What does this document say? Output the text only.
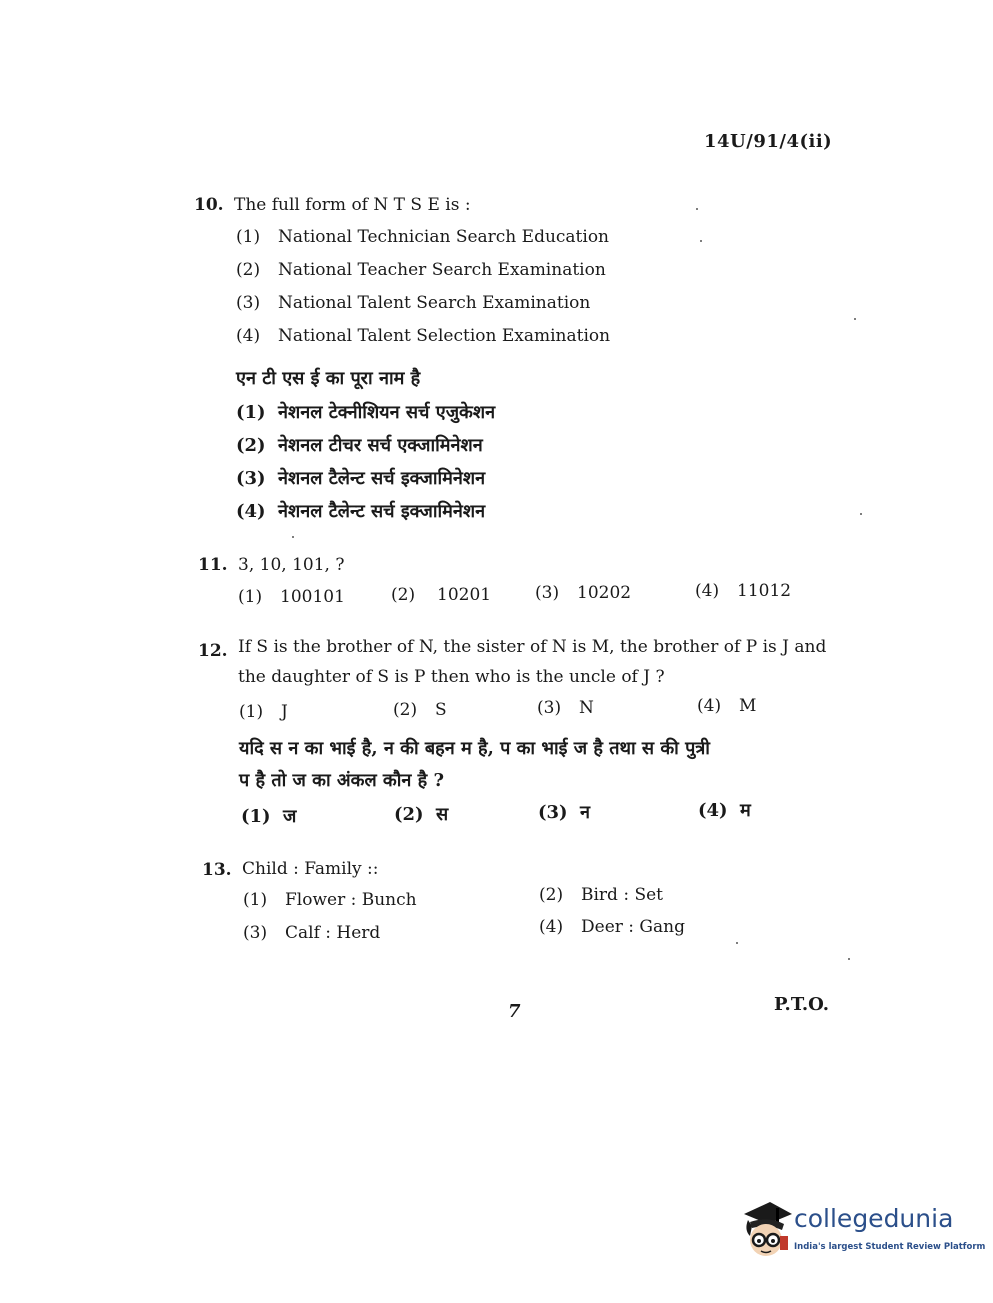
14U/91/4(ii)
10. The full form of N T S E is :
(1) National Technician Search Education
(2) National Teacher Search Examination
(3) National Talent Search Examination
(4) National Talent Selection Examination
एन टी एस ई का पूरा नाम है
(1) नेशनल टेक्नीशियन सर्च एजुकेशन
(2) नेशनल टीचर सर्च एक्जामिनेशन
(3) नेशनल टैलेन्ट सर्च इक्जामिनेशन
(4) नेशनल टैलेन्ट सर्च इक्जामिनेशन
11. 3, 10, 101, ?
(1) 100101	(2) 10201	(3) 10202	(4) 11012
12. If S is the brother of N, the sister of N is M, the brother of P is J and
the daughter of S is P then who is the uncle of J ?
(1) J	(2) S	(3) N	(4) M
यदि स न का भाई है, न की बहन म है, प का भाई ज है तथा स की पुत्री
प है तो ज का अंकल कौन है ?
(1) ज	(2) स	(3) न	(4) म
13. Child : Family ::
(1) Flower : Bunch	(2) Bird : Set
(3) Calf : Herd	(4) Deer : Gang
7	P.T.O.
collegedunia
India's largest Student Review Platform
